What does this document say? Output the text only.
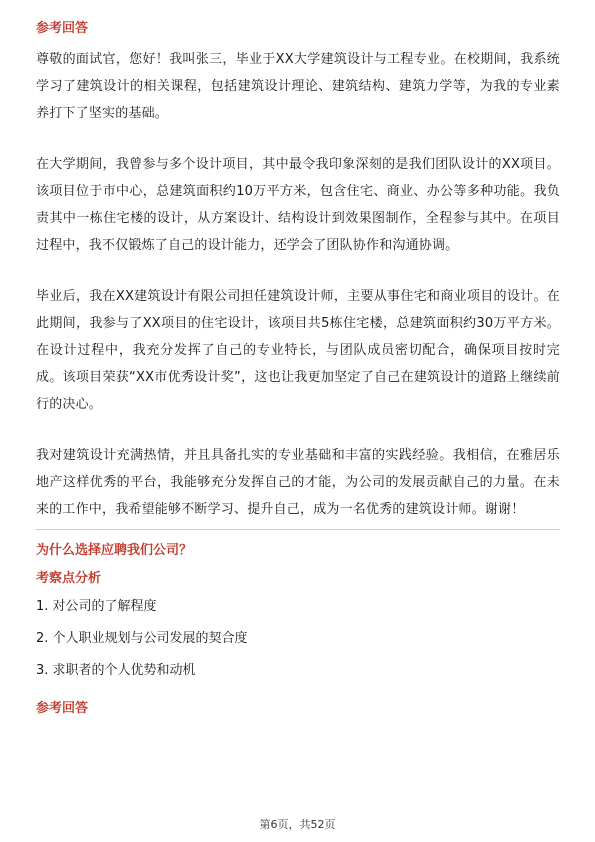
参考回答

尊敬的面试官，您好！我叫张三，毕业于XX大学建筑设计与工程专业。在校期间，我系统学习了建筑设计的相关课程，包括建筑设计理论、建筑结构、建筑力学等，为我的专业素养打下了坚实的基础。

在大学期间，我曾参与多个设计项目，其中最令我印象深刻的是我们团队设计的XX项目。该项目位于市中心，总建筑面积约10万平方米，包含住宅、商业、办公等多种功能。我负责其中一栋住宅楼的设计，从方案设计、结构设计到效果图制作，全程参与其中。在项目过程中，我不仅锻炼了自己的设计能力，还学会了团队协作和沟通协调。

毕业后，我在XX建筑设计有限公司担任建筑设计师，主要从事住宅和商业项目的设计。在此期间，我参与了XX项目的住宅设计，该项目共5栋住宅楼，总建筑面积约30万平方米。在设计过程中，我充分发挥了自己的专业特长，与团队成员密切配合，确保项目按时完成。该项目荣获“XX市优秀设计奖”，这也让我更加坚定了自己在建筑设计的道路上继续前行的决心。

我对建筑设计充满热情，并且具备扎实的专业基础和丰富的实践经验。我相信，在雅居乐地产这样优秀的平台，我能够充分发挥自己的才能，为公司的发展贡献自己的力量。在未来的工作中，我希望能够不断学习、提升自己，成为一名优秀的建筑设计师。谢谢！

为什么选择应聘我们公司？

考察点分析

1. 对公司的了解程度

2. 个人职业规划与公司发展的契合度

3. 求职者的个人优势和动机

参考回答

第6页，共52页
